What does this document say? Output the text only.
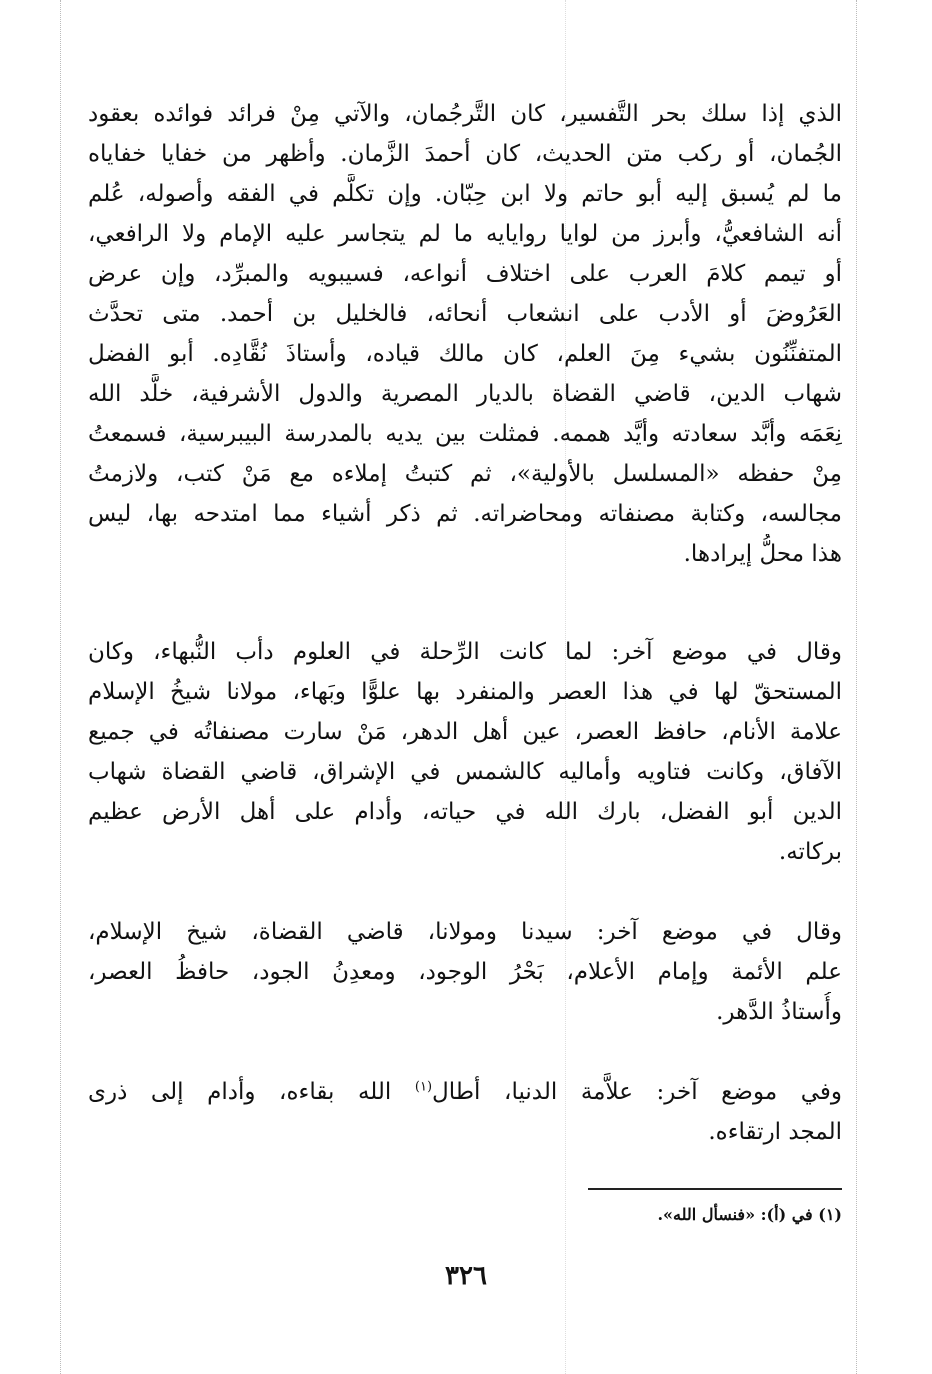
الذي إذا سلك بحر التَّفسير، كان التَّرجُمان، والآتي مِنْ فرائد فوائده بعقود
الجُمان، أو ركب متن الحديث، كان أحمدَ الزَّمان. وأظهر من خفايا خفاياه
ما لم يُسبق إليه أبو حاتم ولا ابن حِبّان. وإن تكلَّم في الفقه وأصوله، عُلم
أنه الشافعيُّ، وأبرز من لوايا روايايه ما لم يتجاسر عليه الإمام ولا الرافعي،
أو تيمم كلامَ العرب على اختلاف أنواعه، فسيبويه والمبرِّد، وإن عرض
العَرُوضَ أو الأدب على انشعاب أنحائه، فالخليل بن أحمد. متى تحدَّث
المتفنِّنُون بشيء مِنَ العلم، كان مالك قياده، وأستاذَ نُقَّادِه. أبو الفضل
شهاب الدين، قاضي القضاة بالديار المصرية والدول الأشرفية، خلَّد الله
نِعَمَه وأبَّد سعادته وأيَّد هممه. فمثلت بين يديه بالمدرسة البيبرسية، فسمعتُ
مِنْ حفظه «المسلسل بالأولية»، ثم كتبتُ إملاءه مع مَنْ كتب، ولازمتُ
مجالسه، وكتابة مصنفاته ومحاضراته. ثم ذكر أشياء مما امتدحه بها، ليس
هذا محلُّ إيرادها.
وقال في موضع آخر: لما كانت الرِّحلة في العلوم دأب النُّبهاء، وكان
المستحقّ لها في هذا العصر والمنفرد بها علوًّا وبَهاء، مولانا شيخُ الإسلام
علامة الأنام، حافظ العصر، عين أهل الدهر، مَنْ سارت مصنفاتُه في جميع
الآفاق، وكانت فتاويه وأماليه كالشمس في الإشراق، قاضي القضاة شهاب
الدين أبو الفضل، بارك الله في حياته، وأدام على أهل الأرض عظيم
بركاته.
وقال في موضع آخر: سيدنا ومولانا، قاضي القضاة، شيخ الإسلام،
علم الأئمة وإمام الأعلام، بَحْرُ الوجود، ومعدِنُ الجود، حافظُ العصر،
وأُستاذُ الدَّهر.
وفي موضع آخر: علاَّمة الدنيا، أطال$^{(١)}$ الله بقاءه، وأدام إلى ذرى
المجد ارتقاءه.
(١) في (أ): «فنسأل الله».
٣٢٦
